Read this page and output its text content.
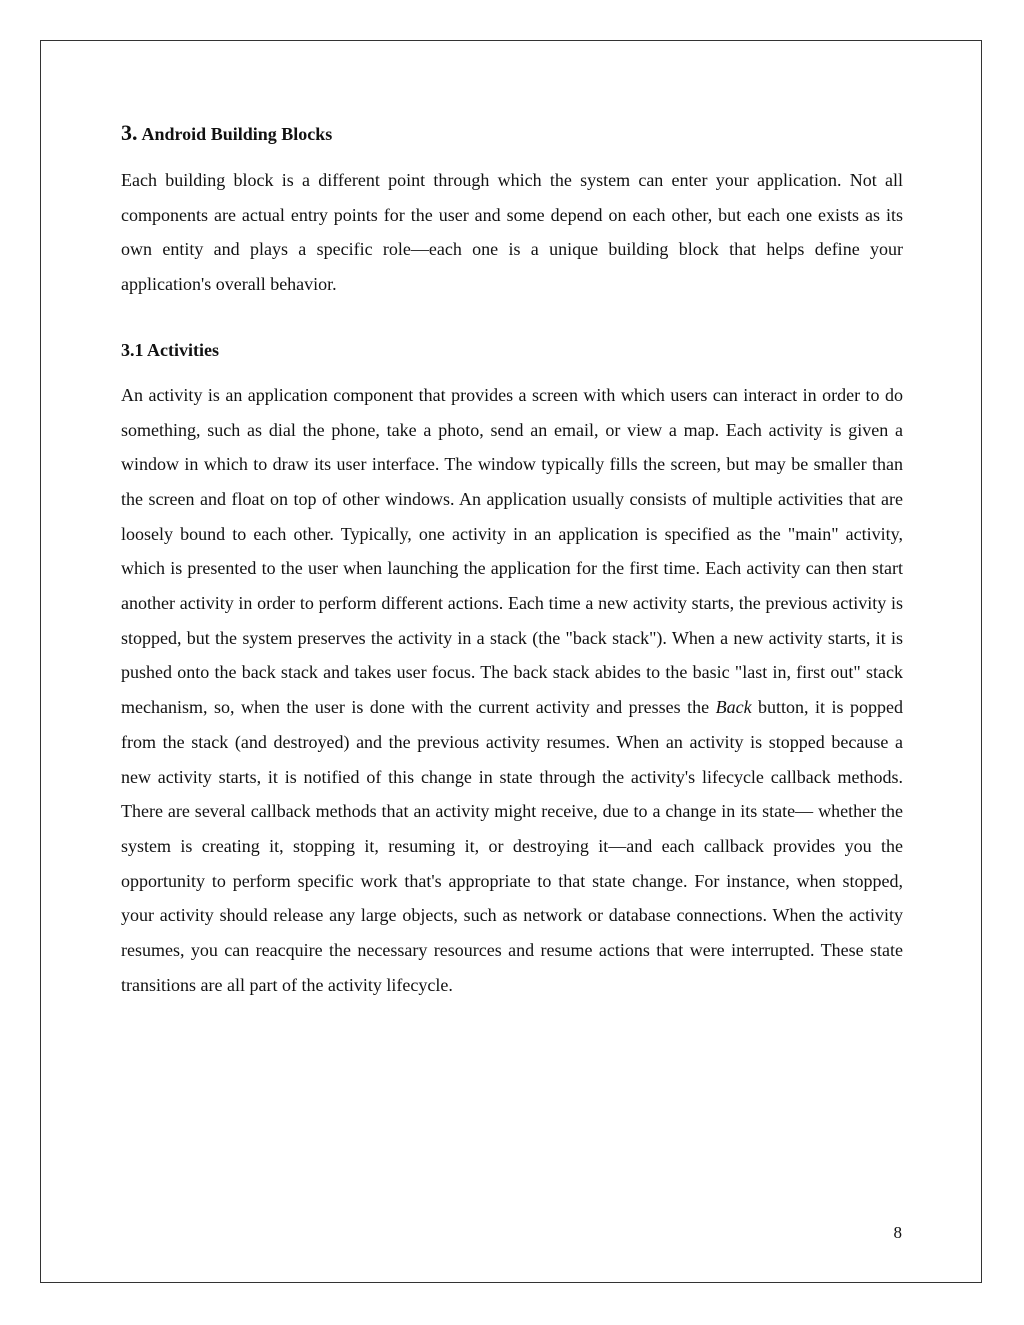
3. Android Building Blocks

Each building block is a different point through which the system can enter your application. Not all components are actual entry points for the user and some depend on each other, but each one exists as its own entity and plays a specific role—each one is a unique building block that helps define your application's overall behavior.

3.1 Activities

An activity is an application component that provides a screen with which users can interact in order to do something, such as dial the phone, take a photo, send an email, or view a map. Each activity is given a window in which to draw its user interface. The window typically fills the screen, but may be smaller than the screen and float on top of other windows. An application usually consists of multiple activities that are loosely bound to each other. Typically, one activity in an application is specified as the "main" activity, which is presented to the user when launching the application for the first time. Each activity can then start another activity in order to perform different actions. Each time a new activity starts, the previous activity is stopped, but the system preserves the activity in a stack (the "back stack"). When a new activity starts, it is pushed onto the back stack and takes user focus. The back stack abides to the basic "last in, first out" stack mechanism, so, when the user is done with the current activity and presses the Back button, it is popped from the stack (and destroyed) and the previous activity resumes. When an activity is stopped because a new activity starts, it is notified of this change in state through the activity's lifecycle callback methods. There are several callback methods that an activity might receive, due to a change in its state— whether the system is creating it, stopping it, resuming it, or destroying it—and each callback provides you the opportunity to perform specific work that's appropriate to that state change. For instance, when stopped, your activity should release any large objects, such as network or database connections. When the activity resumes, you can reacquire the necessary resources and resume actions that were interrupted. These state transitions are all part of the activity lifecycle.

8
